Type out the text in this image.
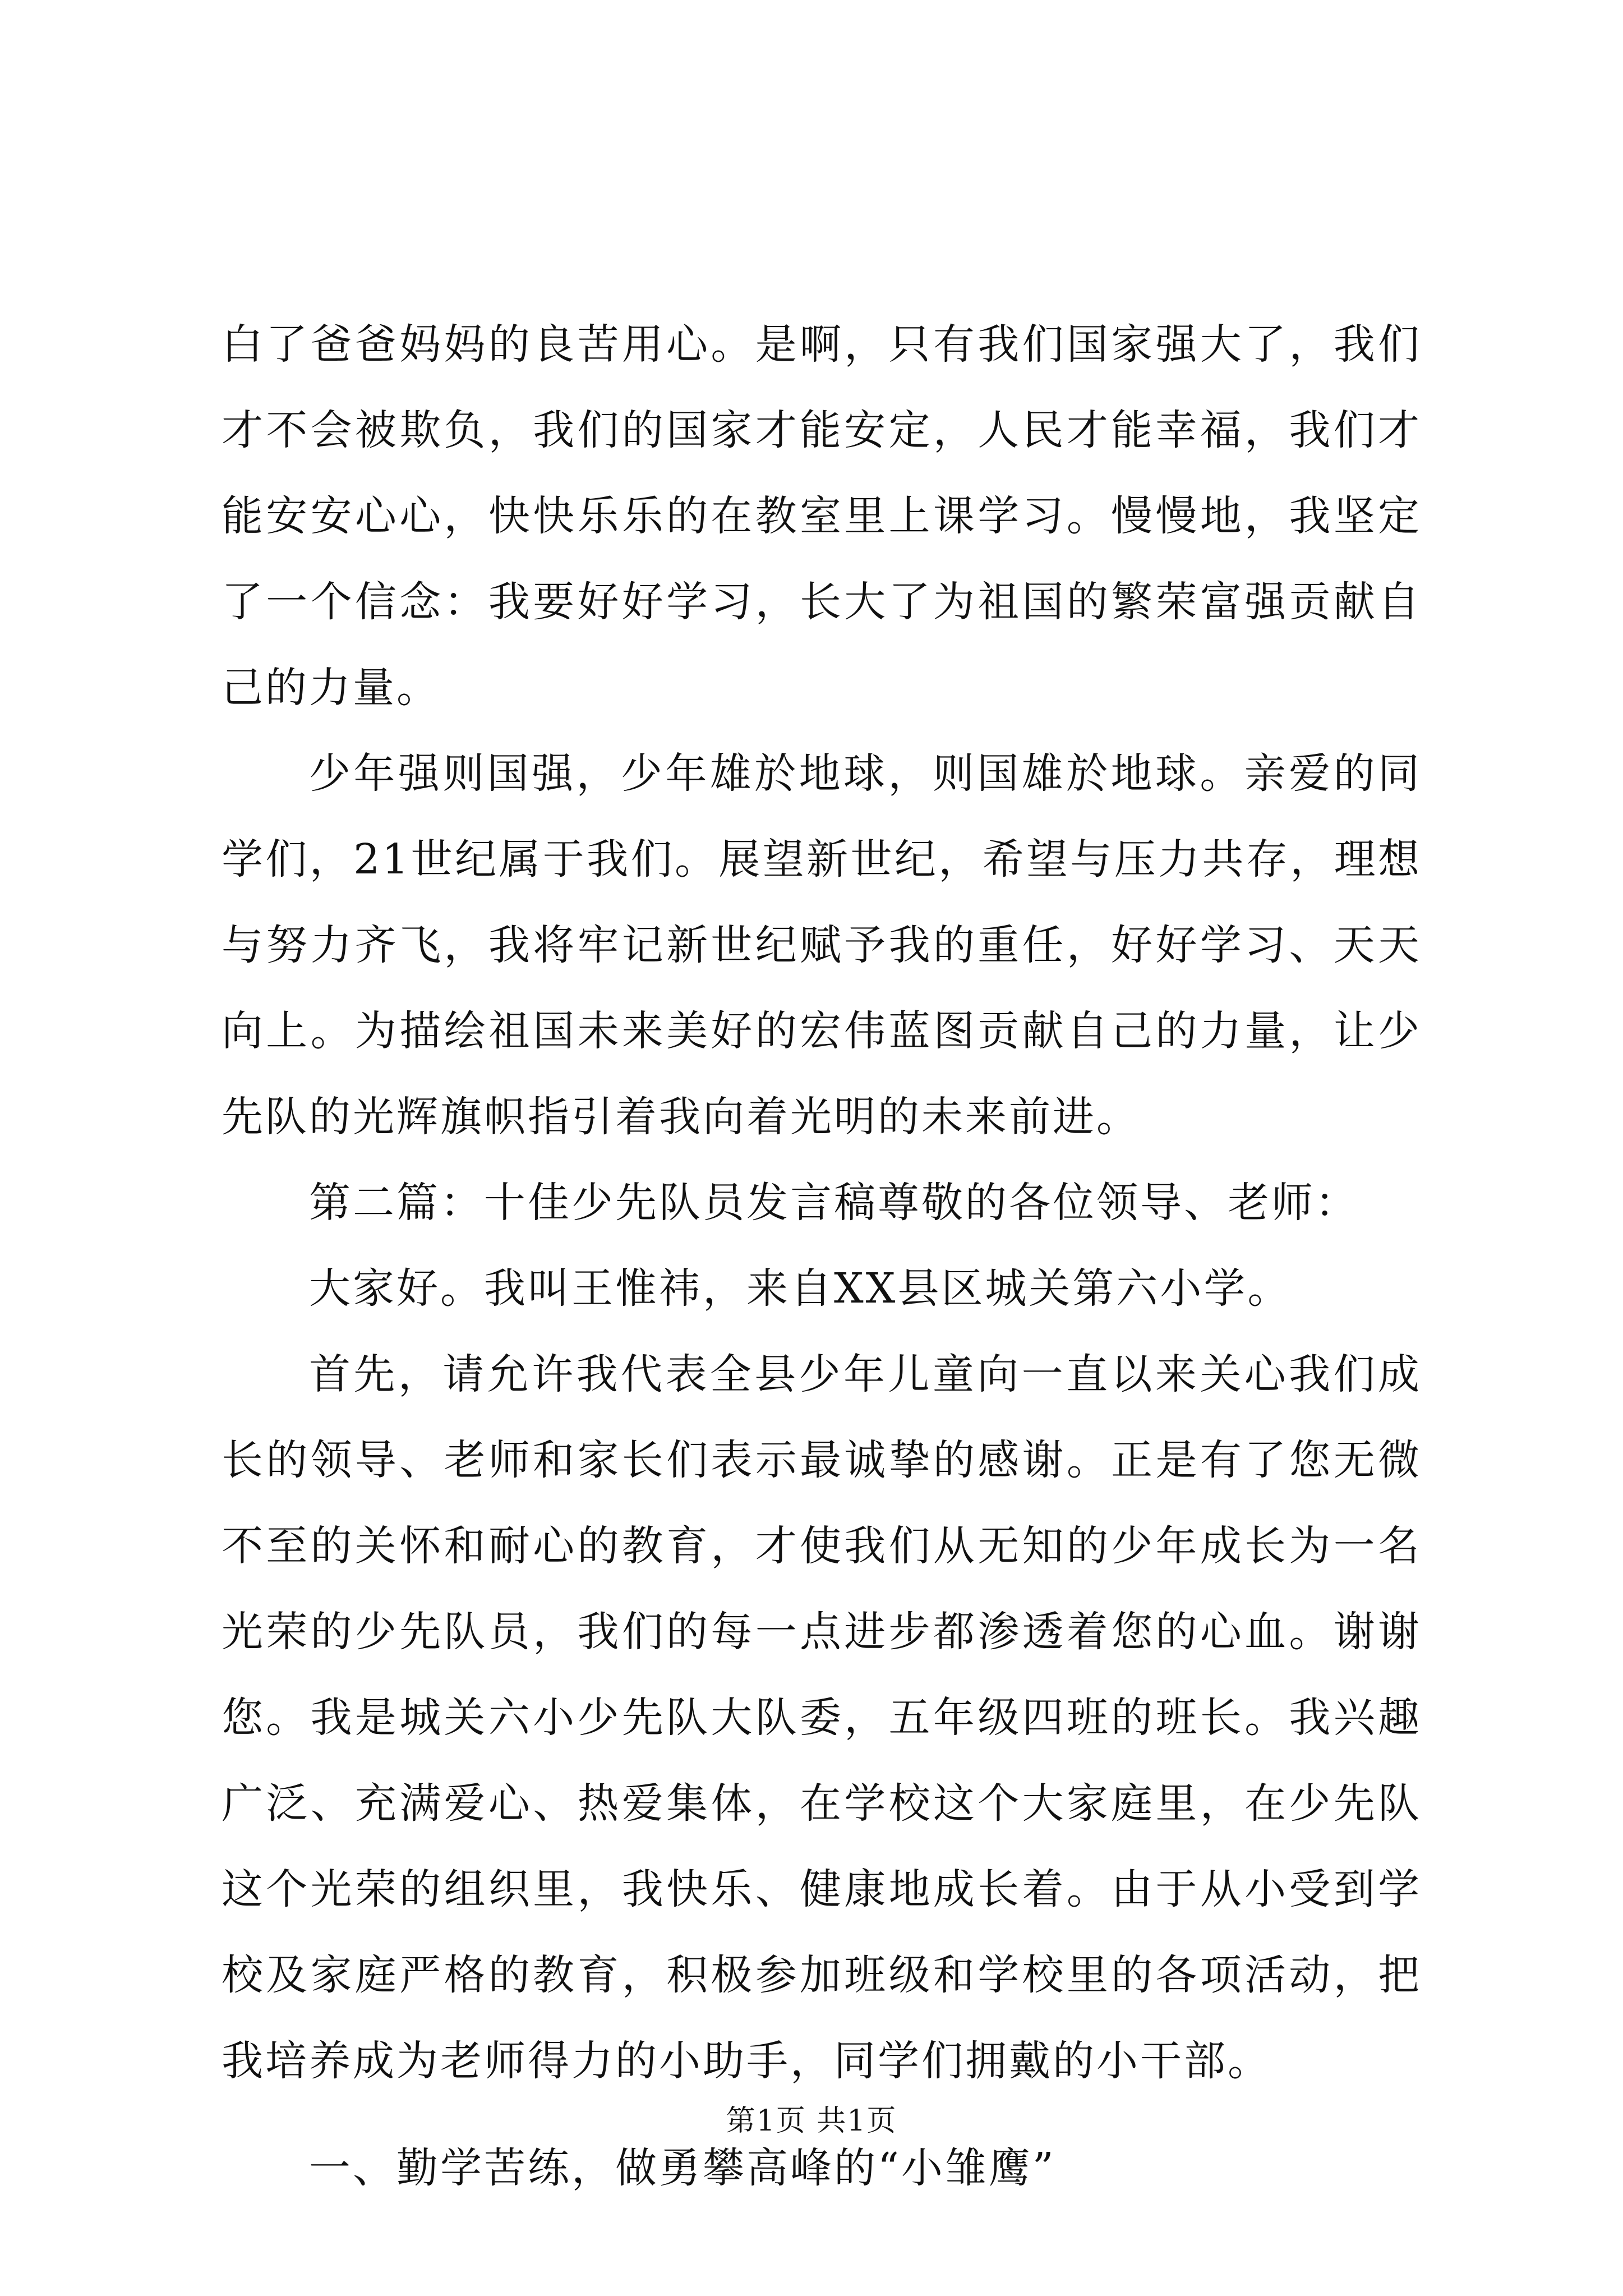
白了爸爸妈妈的良苦用心。是啊，只有我们国家强大了，我们才不会被欺负，我们的国家才能安定，人民才能幸福，我们才能安安心心，快快乐乐的在教室里上课学习。慢慢地，我坚定了一个信念：我要好好学习，长大了为祖国的繁荣富强贡献自己的力量。

少年强则国强，少年雄於地球，则国雄於地球。亲爱的同学们，21世纪属于我们。展望新世纪，希望与压力共存，理想与努力齐飞，我将牢记新世纪赋予我的重任，好好学习、天天向上。为描绘祖国未来美好的宏伟蓝图贡献自己的力量，让少先队的光辉旗帜指引着我向着光明的未来前进。

第二篇：十佳少先队员发言稿尊敬的各位领导、老师：

大家好。我叫王惟祎，来自XX县区城关第六小学。

首先，请允许我代表全县少年儿童向一直以来关心我们成长的领导、老师和家长们表示最诚挚的感谢。正是有了您无微不至的关怀和耐心的教育，才使我们从无知的少年成长为一名光荣的少先队员，我们的每一点进步都渗透着您的心血。谢谢您。我是城关六小少先队大队委，五年级四班的班长。我兴趣广泛、充满爱心、热爱集体，在学校这个大家庭里，在少先队这个光荣的组织里，我快乐、健康地成长着。由于从小受到学校及家庭严格的教育，积极参加班级和学校里的各项活动，把我培养成为老师得力的小助手，同学们拥戴的小干部。

一、勤学苦练，做勇攀高峰的“小雏鹰”

第1页 共1页
